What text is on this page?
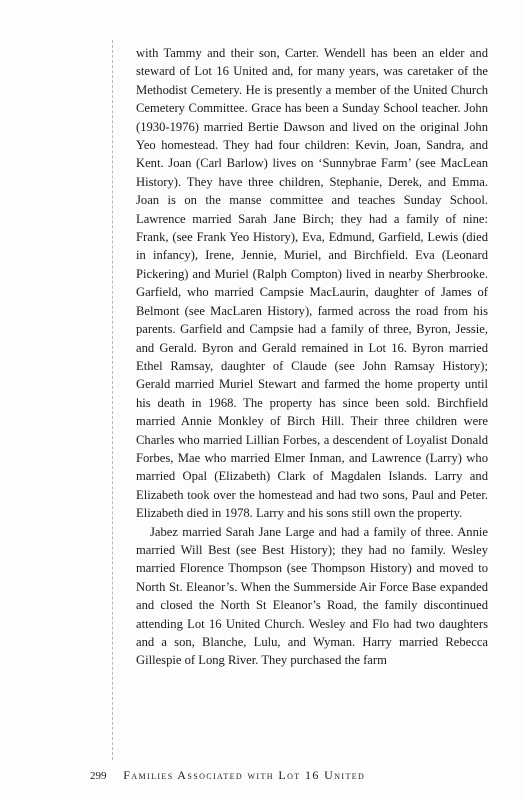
with Tammy and their son, Carter. Wendell has been an elder and steward of Lot 16 United and, for many years, was caretaker of the Methodist Cemetery. He is presently a member of the United Church Cemetery Committee. Grace has been a Sunday School teacher. John (1930-1976) married Bertie Dawson and lived on the original John Yeo homestead. They had four children: Kevin, Joan, Sandra, and Kent. Joan (Carl Barlow) lives on ‘Sunnybrae Farm’ (see MacLean History). They have three children, Stephanie, Derek, and Emma. Joan is on the manse committee and teaches Sunday School. Lawrence married Sarah Jane Birch; they had a family of nine: Frank, (see Frank Yeo History), Eva, Edmund, Garfield, Lewis (died in infancy), Irene, Jennie, Muriel, and Birchfield. Eva (Leonard Pickering) and Muriel (Ralph Compton) lived in nearby Sherbrooke. Garfield, who married Campsie MacLaurin, daughter of James of Belmont (see MacLaren History), farmed across the road from his parents. Garfield and Campsie had a family of three, Byron, Jessie, and Gerald. Byron and Gerald remained in Lot 16. Byron married Ethel Ramsay, daughter of Claude (see John Ramsay History); Gerald married Muriel Stewart and farmed the home property until his death in 1968. The property has since been sold. Birchfield married Annie Monkley of Birch Hill. Their three children were Charles who married Lillian Forbes, a descendent of Loyalist Donald Forbes, Mae who married Elmer Inman, and Lawrence (Larry) who married Opal (Elizabeth) Clark of Magdalen Islands. Larry and Elizabeth took over the homestead and had two sons, Paul and Peter. Elizabeth died in 1978. Larry and his sons still own the property.

Jabez married Sarah Jane Large and had a family of three. Annie married Will Best (see Best History); they had no family. Wesley married Florence Thompson (see Thompson History) and moved to North St. Eleanor’s. When the Summerside Air Force Base expanded and closed the North St Eleanor’s Road, the family discontinued attending Lot 16 United Church. Wesley and Flo had two daughters and a son, Blanche, Lulu, and Wyman. Harry married Rebecca Gillespie of Long River. They purchased the farm

299 Families Associated with Lot 16 United
